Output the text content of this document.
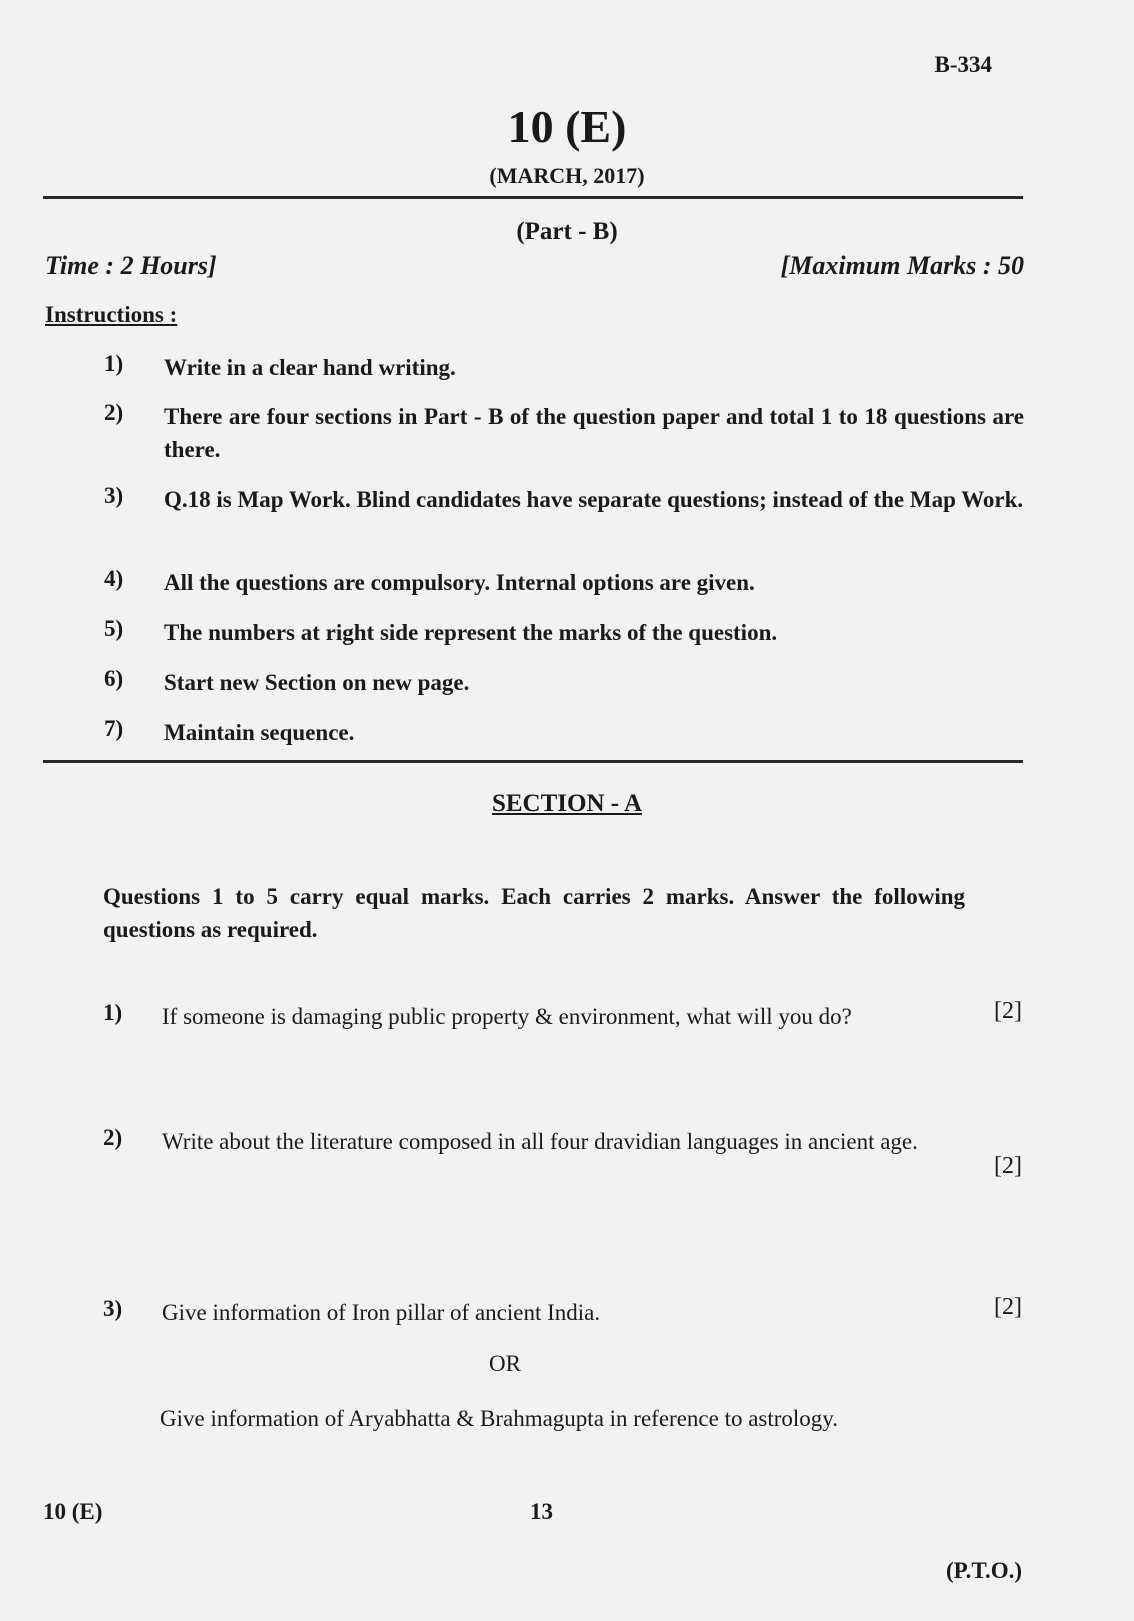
B-334
10 (E)
(MARCH, 2017)
(Part - B)
Time : 2 Hours]	[Maximum Marks : 50
Instructions :
1) Write in a clear hand writing.
2) There are four sections in Part - B of the question paper and total 1 to 18 questions are there.
3) Q.18 is Map Work. Blind candidates have separate questions; instead of the Map Work.
4) All the questions are compulsory. Internal options are given.
5) The numbers at right side represent the marks of the question.
6) Start new Section on new page.
7) Maintain sequence.
SECTION - A
Questions 1 to 5 carry equal marks. Each carries 2 marks. Answer the following questions as required.
1) If someone is damaging public property & environment, what will you do?	[2]
2) Write about the literature composed in all four dravidian languages in ancient age.
[2]
3) Give information of Iron pillar of ancient India.	[2]
OR
Give information of Aryabhatta & Brahmagupta in reference to astrology.
10 (E)	13
(P.T.O.)
